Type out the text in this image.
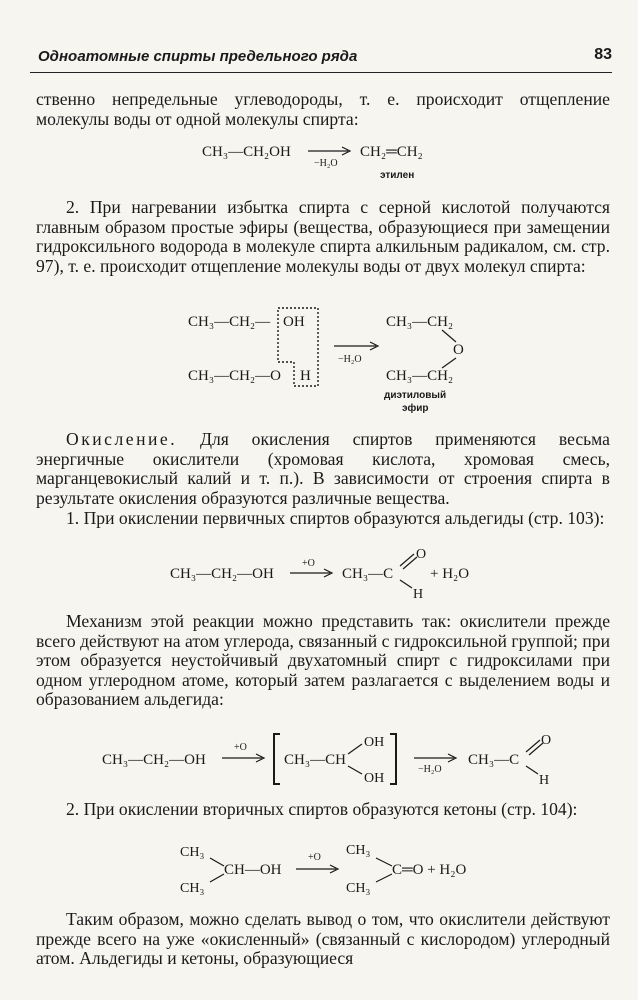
Одноатомные спирты предельного ряда	83
ственно непредельные углеводороды, т. е. происходит отщепление молекулы воды от одной молекулы спирта:
CH₃—CH₂OH
−H₂O
CH₂═CH₂
этилен
2. При нагревании избытка спирта с серной кислотой получаются главным образом простые эфиры (вещества, образующиеся при замещении гидроксильного водорода в молекуле спирта алкильным радикалом, см. стр. 97), т. е. происходит отщепление молекулы воды от двух молекул спирта:
CH₃—CH₂— OH
CH₃—CH₂—O H
−H₂O
CH₃—CH₂
O
CH₃—CH₂
диэтиловый
эфир
Окисление. Для окисления спиртов применяются весьма энергичные окислители (хромовая кислота, хромовая смесь, марганцевокислый калий и т. п.). В зависимости от строения спирта в результате окисления образуются различные вещества.
1. При окислении первичных спиртов образуются альдегиды (стр. 103):
CH₃—CH₂—OH
+O
CH₃—C
O
H
+ H₂O
Механизм этой реакции можно представить так: окислители прежде всего действуют на атом углерода, связанный с гидроксильной группой; при этом образуется неустойчивый двухатомный спирт с гидроксилами при одном углеродном атоме, который затем разлагается с выделением воды и образованием альдегида:
CH₃—CH₂—OH
+O
CH₃—CH
OH
OH
−H₂O
CH₃—C
O
H
2. При окислении вторичных спиртов образуются кетоны (стр. 104):
CH₃
CH₃
CH—OH
+O CH₃
CH₃
C═O + H₂O
Таким образом, можно сделать вывод о том, что окислители действуют прежде всего на уже «окисленный» (связанный с кислородом) углеродный атом. Альдегиды и кетоны, образующиеся
